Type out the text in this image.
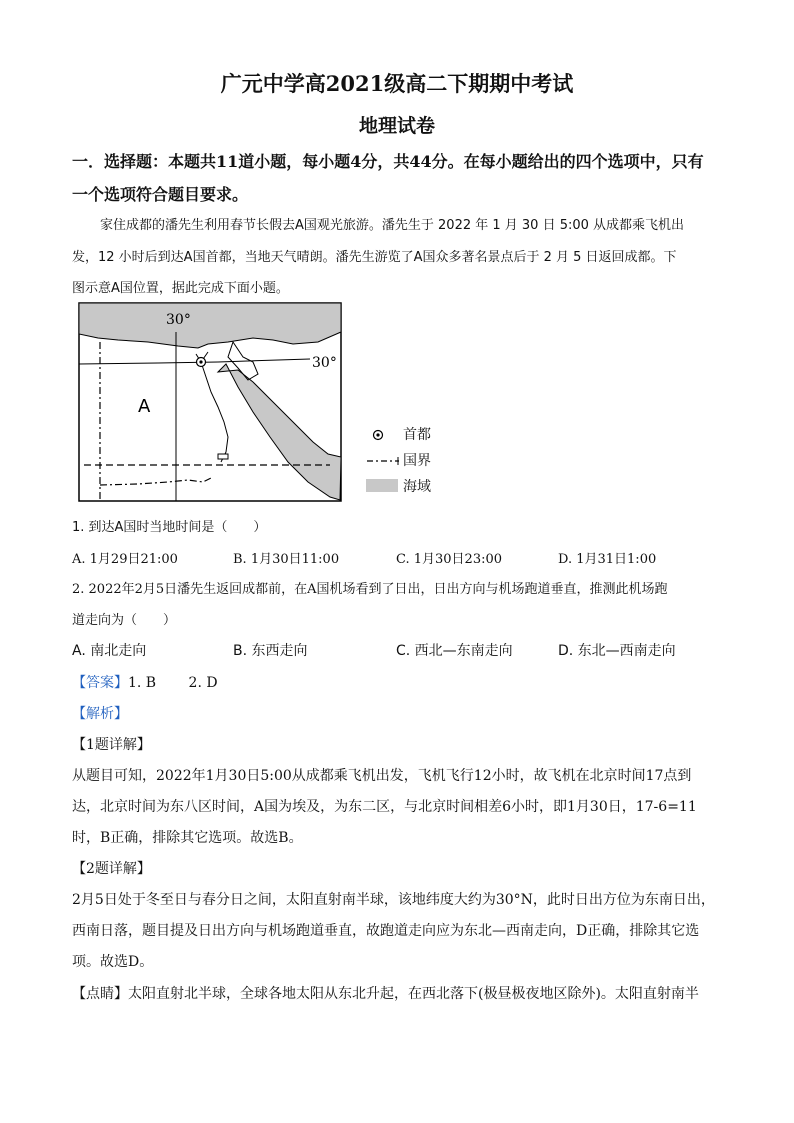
广元中学高2021级高二下期期中考试
地理试卷
一．选择题：本题共11道小题，每小题4分，共44分。在每小题给出的四个选项中，只有
一个选项符合题目要求。
家住成都的潘先生利用春节长假去A国观光旅游。潘先生于 2022 年 1 月 30 日 5:00 从成都乘飞机出
发，12 小时后到达A国首都，当地天气晴朗。潘先生游览了A国众多著名景点后于 2 月 5 日返回成都。下
图示意A国位置，据此完成下面小题。
30°
30°
A
首都
国界
海域
1. 到达A国时当地时间是（　　）
A. 1月29日21:00	B. 1月30日11:00	C. 1月30日23:00	D. 1月31日1:00
2. 2022年2月5日潘先生返回成都前，在A国机场看到了日出，日出方向与机场跑道垂直，推测此机场跑
道走向为（　　）
A. 南北走向	B. 东西走向	C. 西北—东南走向	D. 东北—西南走向
【答案】1. B　　 2. D
【解析】
【1题详解】
从题目可知，2022年1月30日5:00从成都乘飞机出发，飞机飞行12小时，故飞机在北京时间17点到
达，北京时间为东八区时间，A国为埃及，为东二区，与北京时间相差6小时，即1月30日，17-6=11
时，B正确，排除其它选项。故选B。
【2题详解】
2月5日处于冬至日与春分日之间，太阳直射南半球，该地纬度大约为30°N，此时日出方位为东南日出，
西南日落，题目提及日出方向与机场跑道垂直，故跑道走向应为东北—西南走向，D正确，排除其它选
项。故选D。
【点睛】太阳直射北半球，全球各地太阳从东北升起，在西北落下(极昼极夜地区除外)。太阳直射南半
